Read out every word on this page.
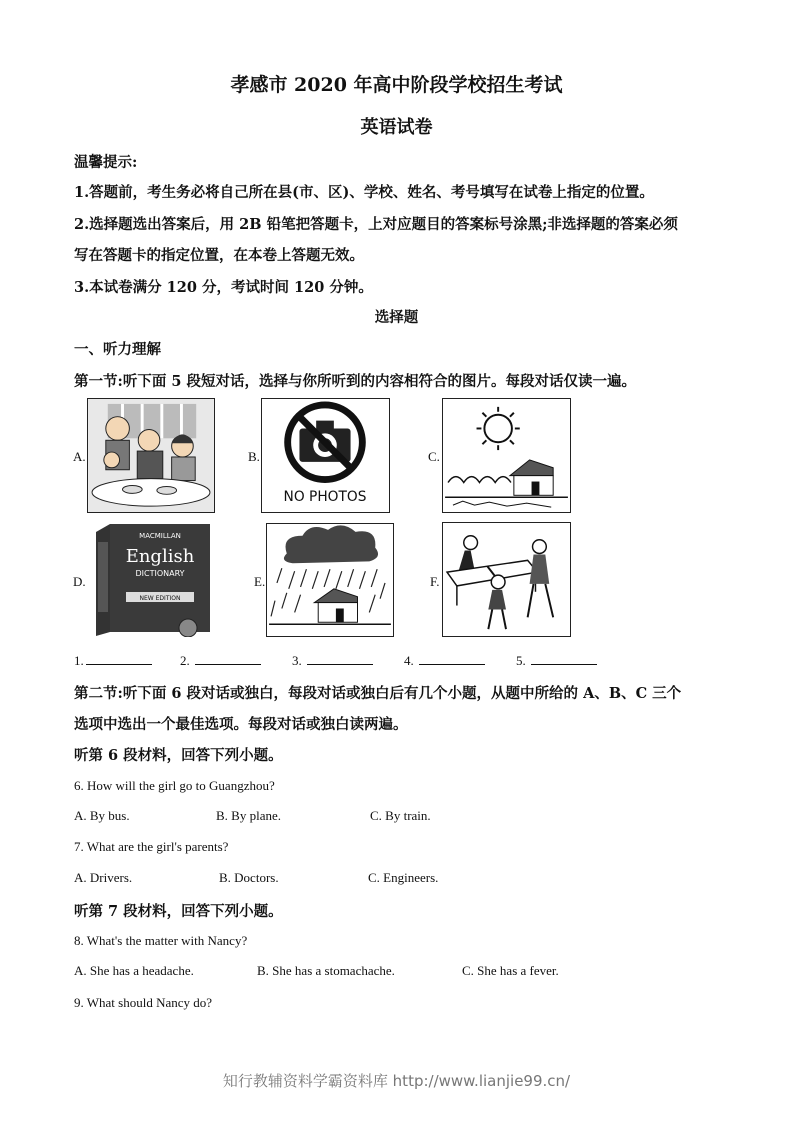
孝感市 2020 年高中阶段学校招生考试
英语试卷
温馨提示:
1.答题前，考生务必将自己所在县(市、区)、学校、姓名、考号填写在试卷上指定的位置。
2.选择题选出答案后，用 2B 铅笔把答题卡，上对应题目的答案标号涂黑;非选择题的答案必须
写在答题卡的指定位置，在本卷上答题无效。
3.本试卷满分 120 分，考试时间 120 分钟。
选择题
一、听力理解
第一节:听下面 5 段短对话，选择与你所听到的内容相符合的图片。每段对话仅读一遍。
A.	B.
NO PHOTOS
C.
D.
MACMILLAN
English
DICTIONARY
NEW EDITION
E.	F.
1.	2.	3.	4.	5.
第二节:听下面 6 段对话或独白，每段对话或独白后有几个小题，从题中所给的 A、B、C 三个
选项中选出一个最佳选项。每段对话或独白读两遍。
听第 6 段材料，回答下列小题。
6. How will the girl go to Guangzhou?
A. By bus.	B. By plane.	C. By train.
7. What are the girl's parents?
A. Drivers.	B. Doctors.	C. Engineers.
听第 7 段材料，回答下列小题。
8. What's the matter with Nancy?
A. She has a headache.	B. She has a stomachache.	C. She has a fever.
9. What should Nancy do?
知行教辅资料学霸资料库 http://www.lianjie99.cn/
